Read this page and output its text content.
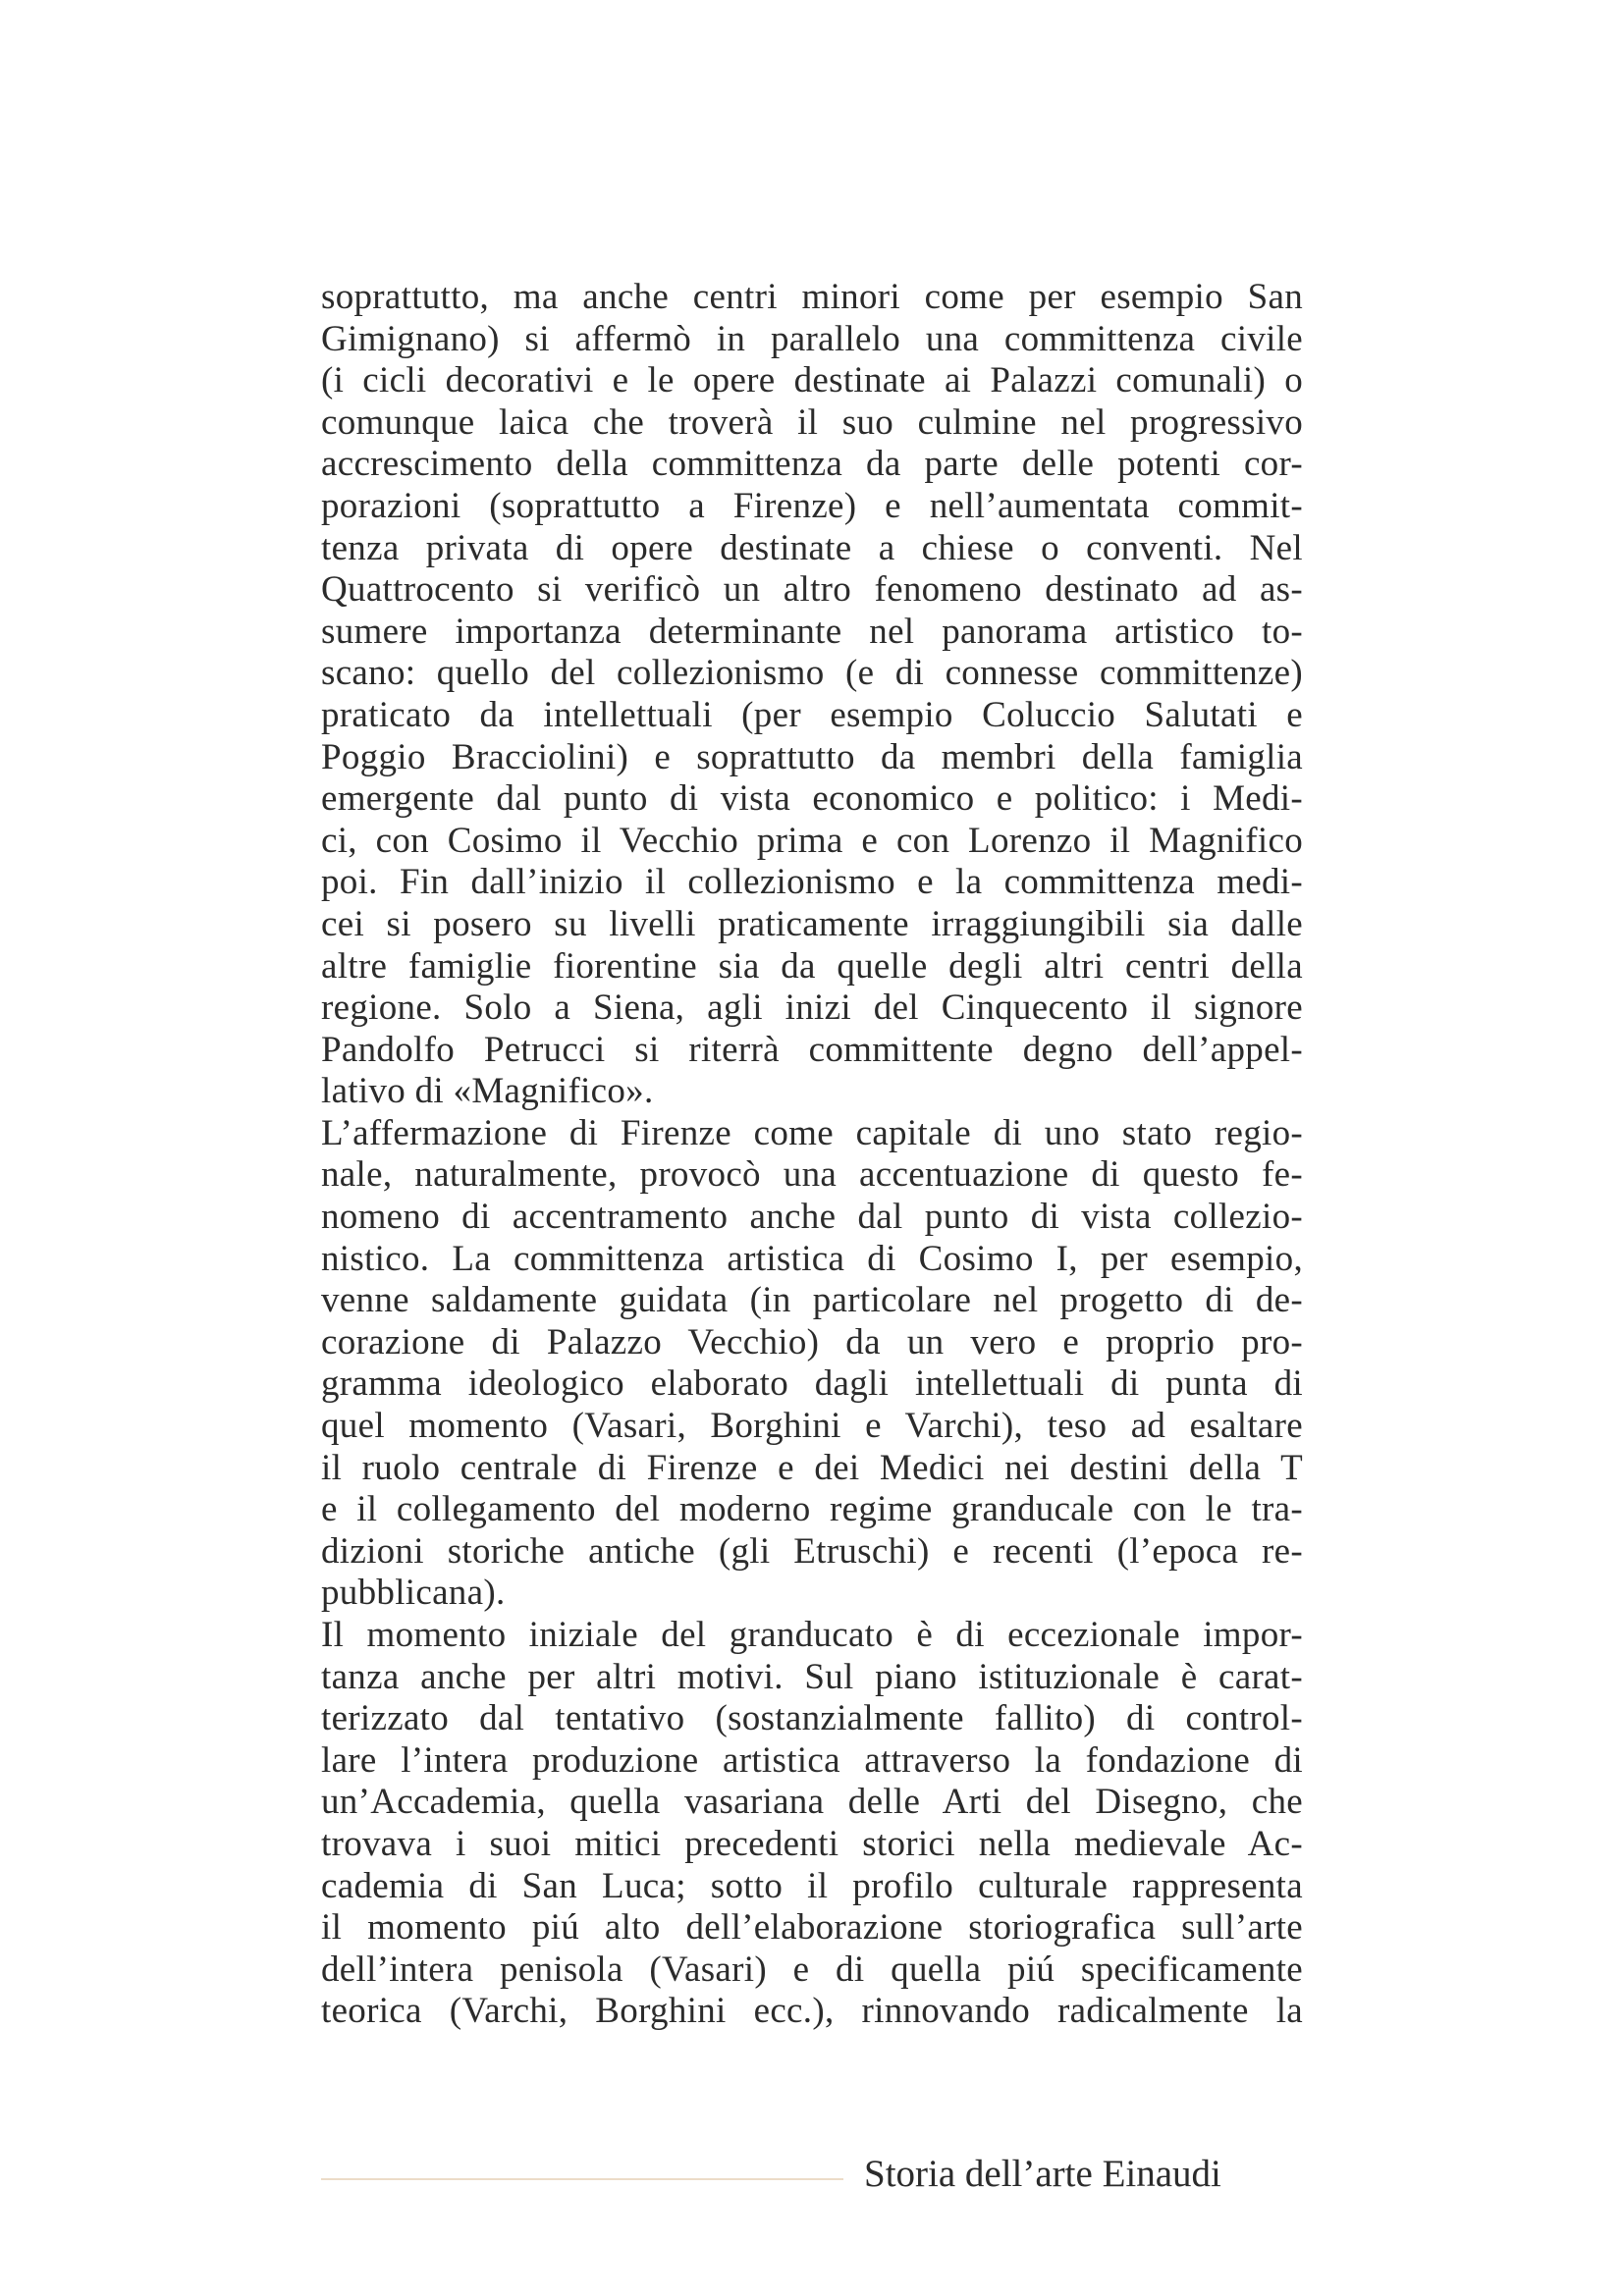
soprattutto, ma anche centri minori come per esempio San
Gimignano) si affermò in parallelo una committenza civile
(i cicli decorativi e le opere destinate ai Palazzi comunali) o
comunque laica che troverà il suo culmine nel progressivo
accrescimento della committenza da parte delle potenti cor-
porazioni (soprattutto a Firenze) e nell’aumentata commit-
tenza privata di opere destinate a chiese o conventi. Nel
Quattrocento si verificò un altro fenomeno destinato ad as-
sumere importanza determinante nel panorama artistico to-
scano: quello del collezionismo (e di connesse committenze)
praticato da intellettuali (per esempio Coluccio Salutati e
Poggio Bracciolini) e soprattutto da membri della famiglia
emergente dal punto di vista economico e politico: i Medi-
ci, con Cosimo il Vecchio prima e con Lorenzo il Magnifico
poi. Fin dall’inizio il collezionismo e la committenza medi-
cei si posero su livelli praticamente irraggiungibili sia dalle
altre famiglie fiorentine sia da quelle degli altri centri della
regione. Solo a Siena, agli inizi del Cinquecento il signore
Pandolfo Petrucci si riterrà committente degno dell’appel-
lativo di «Magnifico».
L’affermazione di Firenze come capitale di uno stato regio-
nale, naturalmente, provocò una accentuazione di questo fe-
nomeno di accentramento anche dal punto di vista collezio-
nistico. La committenza artistica di Cosimo I, per esempio,
venne saldamente guidata (in particolare nel progetto di de-
corazione di Palazzo Vecchio) da un vero e proprio pro-
gramma ideologico elaborato dagli intellettuali di punta di
quel momento (Vasari, Borghini e Varchi), teso ad esaltare
il ruolo centrale di Firenze e dei Medici nei destini della T
e il collegamento del moderno regime granducale con le tra-
dizioni storiche antiche (gli Etruschi) e recenti (l’epoca re-
pubblicana).
Il momento iniziale del granducato è di eccezionale impor-
tanza anche per altri motivi. Sul piano istituzionale è carat-
terizzato dal tentativo (sostanzialmente fallito) di control-
lare l’intera produzione artistica attraverso la fondazione di
un’Accademia, quella vasariana delle Arti del Disegno, che
trovava i suoi mitici precedenti storici nella medievale Ac-
cademia di San Luca; sotto il profilo culturale rappresenta
il momento piú alto dell’elaborazione storiografica sull’arte
dell’intera penisola (Vasari) e di quella piú specificamente
teorica (Varchi, Borghini ecc.), rinnovando radicalmente la
Storia dell’arte Einaudi
